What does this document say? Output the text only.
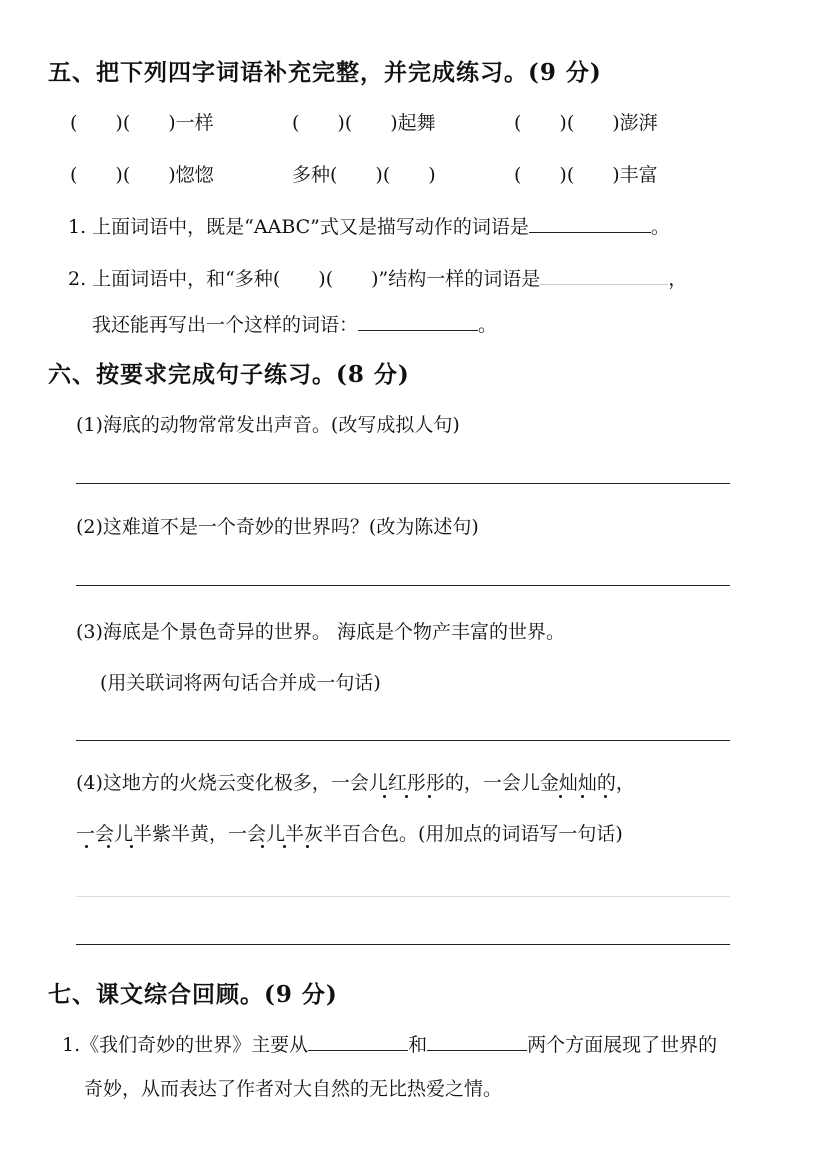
五、把下列四字词语补充完整，并完成练习。(9 分)
(　　)(　　)一样	(　　)(　　)起舞	(　　)(　　)澎湃
(　　)(　　)惚惚	多种(　　)(　　)	(　　)(　　)丰富
1. 上面词语中，既是“AABC”式又是描写动作的词语是	。
2. 上面词语中，和“多种(　　)(　　)”结构一样的词语是	，
我还能再写出一个这样的词语：	。
六、按要求完成句子练习。(8 分)
(1)海底的动物常常发出声音。(改写成拟人句)
(2)这难道不是一个奇妙的世界吗？(改为陈述句)
(3)海底是个景色奇异的世界。 海底是个物产丰富的世界。
(用关联词将两句话合并成一句话)
(4)这地方的火烧云变化极多，一会儿红彤彤的，一会儿金灿灿的，
一会儿半紫半黄，一会儿半灰半百合色。(用加点的词语写一句话)
七、课文综合回顾。(9 分)
1.《我们奇妙的世界》主要从	和	两个方面展现了世界的
奇妙，从而表达了作者对大自然的无比热爱之情。
